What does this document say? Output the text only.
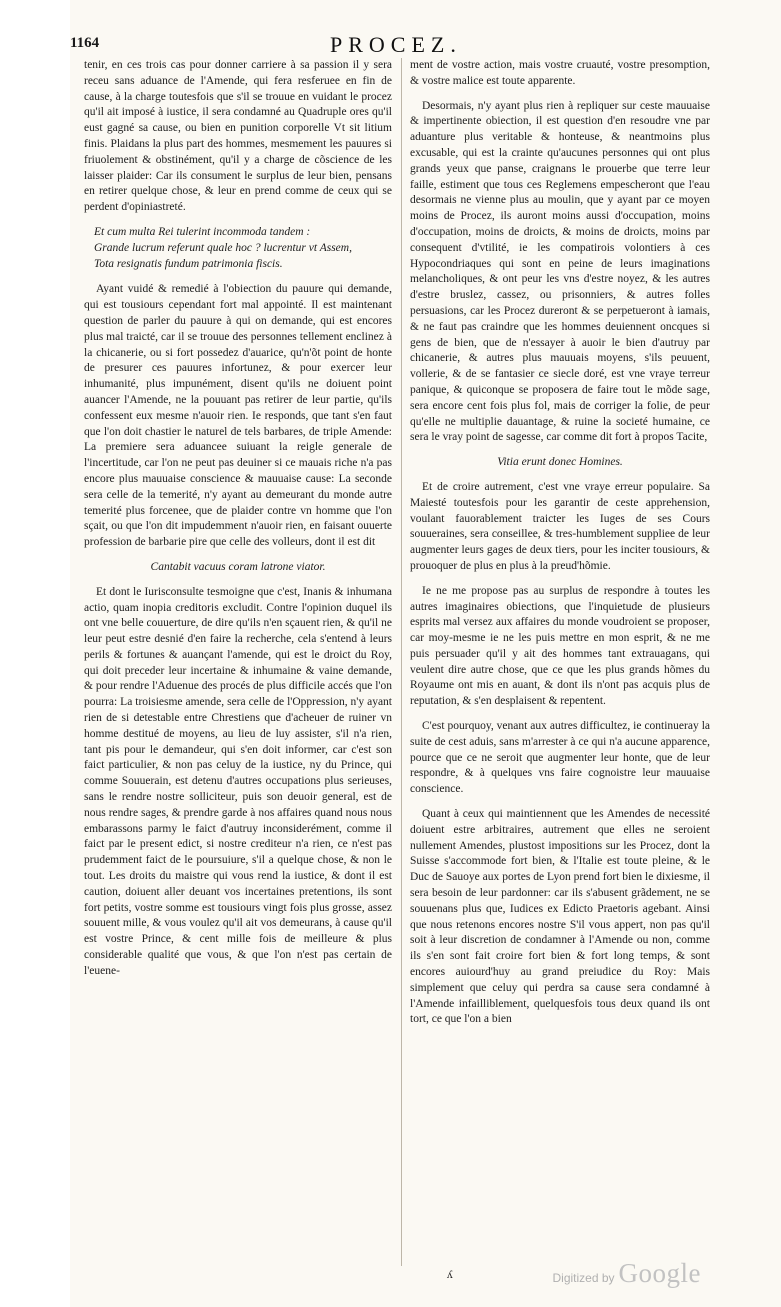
1164	PROCEZ.

tenir, en ces trois cas pour donner carriere à sa passion il y sera receu sans aduance de l'Amende, qui fera resferuee en fin de cause, à la charge toutesfois que s'il se trouue en vuidant le procez qu'il ait imposé à iustice, il sera condamné au Quadruple ores qu'il eust gagné sa cause, ou bien en punition corporelle Vt sit litium finis. Plaidans la plus part des hommes, mesmement les pauures si friuolement & obstinément, qu'il y a charge de cõscience de les laisser plaider: Car ils consument le surplus de leur bien, pensans en retirer quelque chose, & leur en prend comme de ceux qui se perdent d'opiniastreté.

Et cum multa Rei tulerint incommoda tandem :
Grande lucrum referunt quale hoc ? lucrentur vt Assem,
Tota resignatis fundum patrimonia fiscis.

Ayant vuidé & remedié à l'obiection du pauure qui demande, qui est tousiours cependant fort mal appointé. Il est maintenant question de parler du pauure à qui on demande, qui est encores plus mal traicté, car il se trouue des personnes tellement enclinez à la chicanerie, ou si fort possedez d'auarice, qu'n'õt point de honte de presurer ces pauures infortunez, & pour exercer leur inhumanité, plus impunément, disent qu'ils ne doiuent point auancer l'Amende, ne la pouuant pas retirer de leur partie, qu'ils confessent eux mesme n'auoir rien. Ie responds, que tant s'en faut que l'on doit chastier le naturel de tels barbares, de triple Amende: La premiere sera aduancee suiuant la reigle generale de l'incertitude, car l'on ne peut pas deuiner si ce mauais riche n'a pas encore plus mauuaise conscience & mauuaise cause: La seconde sera celle de la temerité, n'y ayant au demeurant du monde autre temerité plus forcenee, que de plaider contre vn homme que l'on sçait, ou que l'on dit impudemment n'auoir rien, en faisant ouuerte profession de barbarie pire que celle des volleurs, dont il est dit

Cantabit vacuus coram latrone viator.

Et dont le Iurisconsulte tesmoigne que c'est, Inanis & inhumana actio, quam inopia creditoris excludit. Contre l'opinion duquel ils ont vne belle couuerture, de dire qu'ils n'en sçauent rien, & qu'il ne leur peut estre desnié d'en faire la recherche, cela s'entend à leurs perils & fortunes & auançant l'amende, qui est le droict du Roy, qui doit preceder leur incertaine & inhumaine & vaine demande, & pour rendre l'Aduenue des procés de plus difficile accés que l'on pourra: La troisiesme amende, sera celle de l'Oppression, n'y ayant rien de si detestable entre Chrestiens que d'acheuer de ruiner vn homme destitué de moyens, au lieu de luy assister, s'il n'a rien, tant pis pour le demandeur, qui s'en doit informer, car c'est son faict particulier, & non pas celuy de la iustice, ny du Prince, qui comme Souuerain, est detenu d'autres occupations plus serieuses, sans le rendre nostre solliciteur, puis son deuoir general, est de nous rendre sages, & prendre garde à nos affaires quand nous nous embarassons parmy le faict d'autruy inconsiderément, comme il faict par le present edict, si nostre crediteur n'a rien, ce n'est pas prudemment faict de le poursuiure, s'il a quelque chose, & non le tout. Les droits du maistre qui vous rend la iustice, & dont il est caution, doiuent aller deuant vos incertaines pretentions, ils sont fort petits, vostre somme est tousiours vingt fois plus grosse, assez souuent mille, & vous voulez qu'il ait vos demeurans, à cause qu'il est vostre Prince, & cent mille fois de meilleure & plus considerable qualité que vous, & que l'on n'est pas certain de l'euene-

ment de vostre action, mais vostre cruauté, vostre presomption, & vostre malice est toute apparente.

Desormais, n'y ayant plus rien à repliquer sur ceste mauuaise & impertinente obiection, il est question d'en resoudre vne par aduanture plus veritable & honteuse, & neantmoins plus excusable, qui est la crainte qu'aucunes personnes qui ont plus grands yeux que panse, craignans le prouerbe que terre leur faille, estiment que tous ces Reglemens empescheront que l'eau desormais ne vienne plus au moulin, que y ayant par ce moyen moins de Procez, ils auront moins aussi d'occupation, moins d'occupation, moins de droicts, & moins de droicts, moins par consequent d'vtilité, ie les compatirois volontiers à ces Hypocondriaques qui sont en peine de leurs imaginations melancholiques, & ont peur les vns d'estre noyez, & les autres d'estre bruslez, cassez, ou prisonniers, & autres folles persuasions, car les Procez dureront & se perpetueront à iamais, & ne faut pas craindre que les hommes deuiennent oncques si gens de bien, que de n'essayer à auoir le bien d'autruy par chicanerie, & autres plus mauuais moyens, s'ils peuuent, vollerie, & de se fantasier ce siecle doré, est vne vraye terreur panique, & quiconque se proposera de faire tout le mõde sage, sera encore cent fois plus fol, mais de corriger la folie, de peur qu'elle ne multiplie dauantage, & ruine la societé humaine, ce sera le vray point de sagesse, car comme dit fort à propos Tacite,

Vitia erunt donec Homines.

Et de croire autrement, c'est vne vraye erreur populaire. Sa Maiesté toutesfois pour les garantir de ceste apprehension, voulant fauorablement traicter les Iuges de ses Cours souueraines, sera conseillee, & tres-humblement suppliee de leur augmenter leurs gages de deux tiers, pour les inciter tousiours, & prouoquer de plus en plus à la preud'hõmie.

Ie ne me propose pas au surplus de respondre à toutes les autres imaginaires obiections, que l'inquietude de plusieurs esprits mal versez aux affaires du monde voudroient se proposer, car moy-mesme ie ne les puis mettre en mon esprit, & ne me puis persuader qu'il y ait des hommes tant extrauagans, qui veulent dire autre chose, que ce que les plus grands hõmes du Royaume ont mis en auant, & dont ils n'ont pas acquis plus de reputation, & s'en desplaisent & repentent.

C'est pourquoy, venant aux autres difficultez, ie continueray la suite de cest aduis, sans m'arrester à ce qui n'a aucune apparence, pource que ce ne seroit que augmenter leur honte, que de leur respondre, & à quelques vns faire cognoistre leur mauuaise conscience.

Quant à ceux qui maintiennent que les Amendes de necessité doiuent estre arbitraires, autrement que elles ne seroient nullement Amendes, plustost impositions sur les Procez, dont la Suisse s'accommode fort bien, & l'Italie est toute pleine, & le Duc de Sauoye aux portes de Lyon prend fort bien le dixiesme, il sera besoin de leur pardonner: car ils s'abusent grãdement, ne se souuenans plus que, Iudices ex Edicto Praetoris agebant. Ainsi que nous retenons encores nostre S'il vous appert, non pas qu'il soit à leur discretion de condamner à l'Amende ou non, comme ils s'en sont fait croire fort bien & fort long temps, & sont encores auiourd'huy au grand preiudice du Roy: Mais simplement que celuy qui perdra sa cause sera condamné à l'Amende infailliblement, quelquesfois tous deux quand ils ont tort, ce que l'on a bien

ʎ	Digitized by Google
